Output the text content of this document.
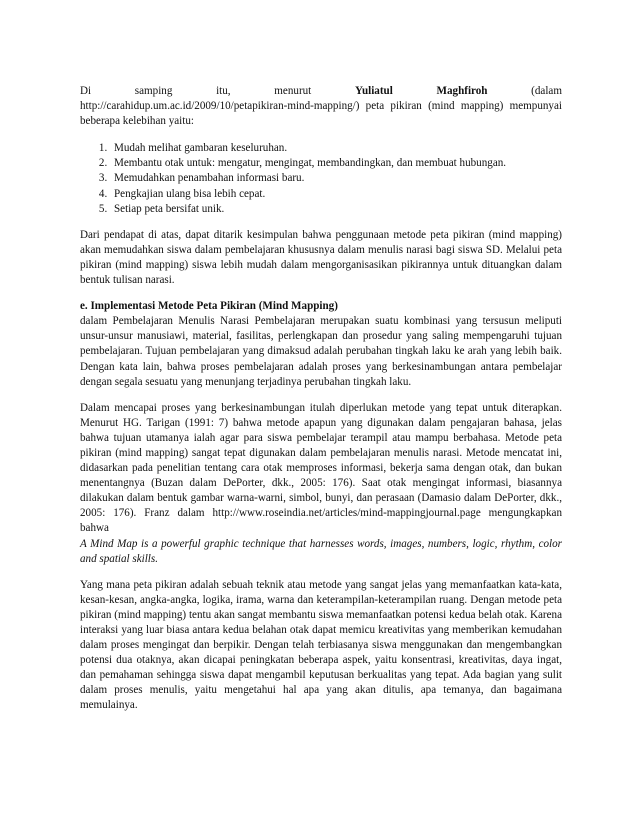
Di	samping	itu,	menurut	Yuliatul	Maghfiroh	(dalam

http://carahidup.um.ac.id/2009/10/petapikiran-mind-mapping/) peta pikiran (mind mapping) mempunyai beberapa kelebihan yaitu:

1. Mudah melihat gambaran keseluruhan.
2. Membantu otak untuk: mengatur, mengingat, membandingkan, dan membuat hubungan.
3. Memudahkan penambahan informasi baru.
4. Pengkajian ulang bisa lebih cepat.
5. Setiap peta bersifat unik.

Dari pendapat di atas, dapat ditarik kesimpulan bahwa penggunaan metode peta pikiran (mind mapping) akan memudahkan siswa dalam pembelajaran khususnya dalam menulis narasi bagi siswa SD. Melalui peta pikiran (mind mapping) siswa lebih mudah dalam mengorganisasikan pikirannya untuk dituangkan dalam bentuk tulisan narasi.

e. Implementasi Metode Peta Pikiran (Mind Mapping)

dalam Pembelajaran Menulis Narasi Pembelajaran merupakan suatu kombinasi yang tersusun meliputi unsur-unsur manusiawi, material, fasilitas, perlengkapan dan prosedur yang saling mempengaruhi tujuan pembelajaran. Tujuan pembelajaran yang dimaksud adalah perubahan tingkah laku ke arah yang lebih baik. Dengan kata lain, bahwa proses pembelajaran adalah proses yang berkesinambungan antara pembelajar dengan segala sesuatu yang menunjang terjadinya perubahan tingkah laku.

Dalam mencapai proses yang berkesinambungan itulah diperlukan metode yang tepat untuk diterapkan. Menurut HG. Tarigan (1991: 7) bahwa metode apapun yang digunakan dalam pengajaran bahasa, jelas bahwa tujuan utamanya ialah agar para siswa pembelajar terampil atau mampu berbahasa. Metode peta pikiran (mind mapping) sangat tepat digunakan dalam pembelajaran menulis narasi. Metode mencatat ini, didasarkan pada penelitian tentang cara otak memproses informasi, bekerja sama dengan otak, dan bukan menentangnya (Buzan dalam DePorter, dkk., 2005: 176). Saat otak mengingat informasi, biasannya dilakukan dalam bentuk gambar warna-warni, simbol, bunyi, dan perasaan (Damasio dalam DePorter, dkk., 2005: 176). Franz dalam http://www.roseindia.net/articles/mind-mappingjournal.page mengungkapkan bahwa

A Mind Map is a powerful graphic technique that harnesses words, images, numbers, logic, rhythm, color and spatial skills.

Yang mana peta pikiran adalah sebuah teknik atau metode yang sangat jelas yang memanfaatkan kata-kata, kesan-kesan, angka-angka, logika, irama, warna dan keterampilan-keterampilan ruang. Dengan metode peta pikiran (mind mapping) tentu akan sangat membantu siswa memanfaatkan potensi kedua belah otak. Karena interaksi yang luar biasa antara kedua belahan otak dapat memicu kreativitas yang memberikan kemudahan dalam proses mengingat dan berpikir. Dengan telah terbiasanya siswa menggunakan dan mengembangkan potensi dua otaknya, akan dicapai peningkatan beberapa aspek, yaitu konsentrasi, kreativitas, daya ingat, dan pemahaman sehingga siswa dapat mengambil keputusan berkualitas yang tepat. Ada bagian yang sulit dalam proses menulis, yaitu mengetahui hal apa yang akan ditulis, apa temanya, dan bagaimana memulainya.
